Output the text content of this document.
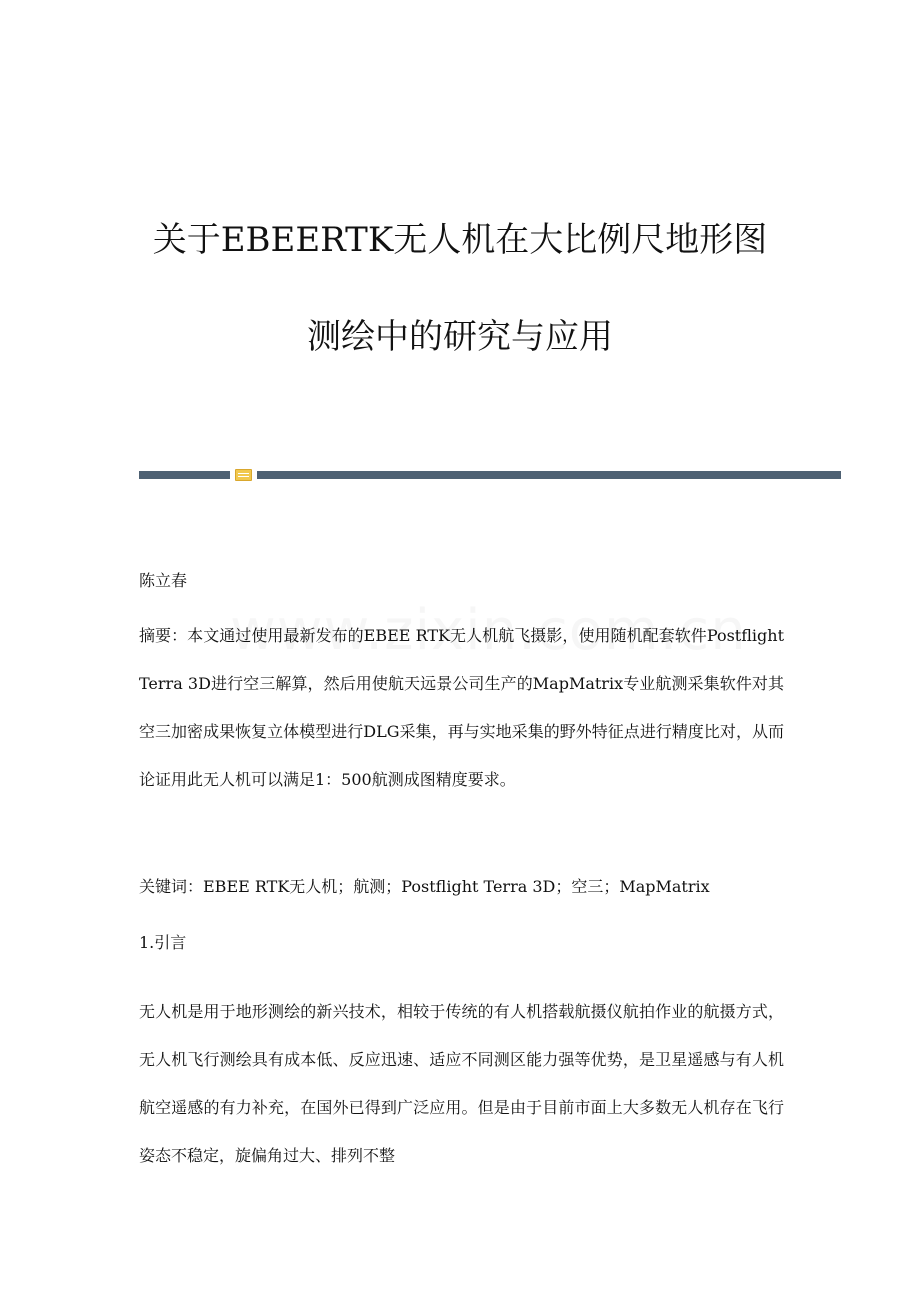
关于EBEERTK无人机在大比例尺地形图
测绘中的研究与应用
陈立春
摘要：本文通过使用最新发布的EBEE RTK无人机航飞摄影，使用随机配套软件Postflight Terra 3D进行空三解算，然后用使航天远景公司生产的MapMatrix专业航测采集软件对其空三加密成果恢复立体模型进行DLG采集，再与实地采集的野外特征点进行精度比对，从而论证用此无人机可以满足1：500航测成图精度要求。
关键词：EBEE RTK无人机；航测；Postflight Terra 3D；空三；MapMatrix
1.引言
无人机是用于地形测绘的新兴技术，相较于传统的有人机搭载航摄仪航拍作业的航摄方式，无人机飞行测绘具有成本低、反应迅速、适应不同测区能力强等优势，是卫星遥感与有人机航空遥感的有力补充，在国外已得到广泛应用。但是由于目前市面上大多数无人机存在飞行姿态不稳定，旋偏角过大、排列不整
